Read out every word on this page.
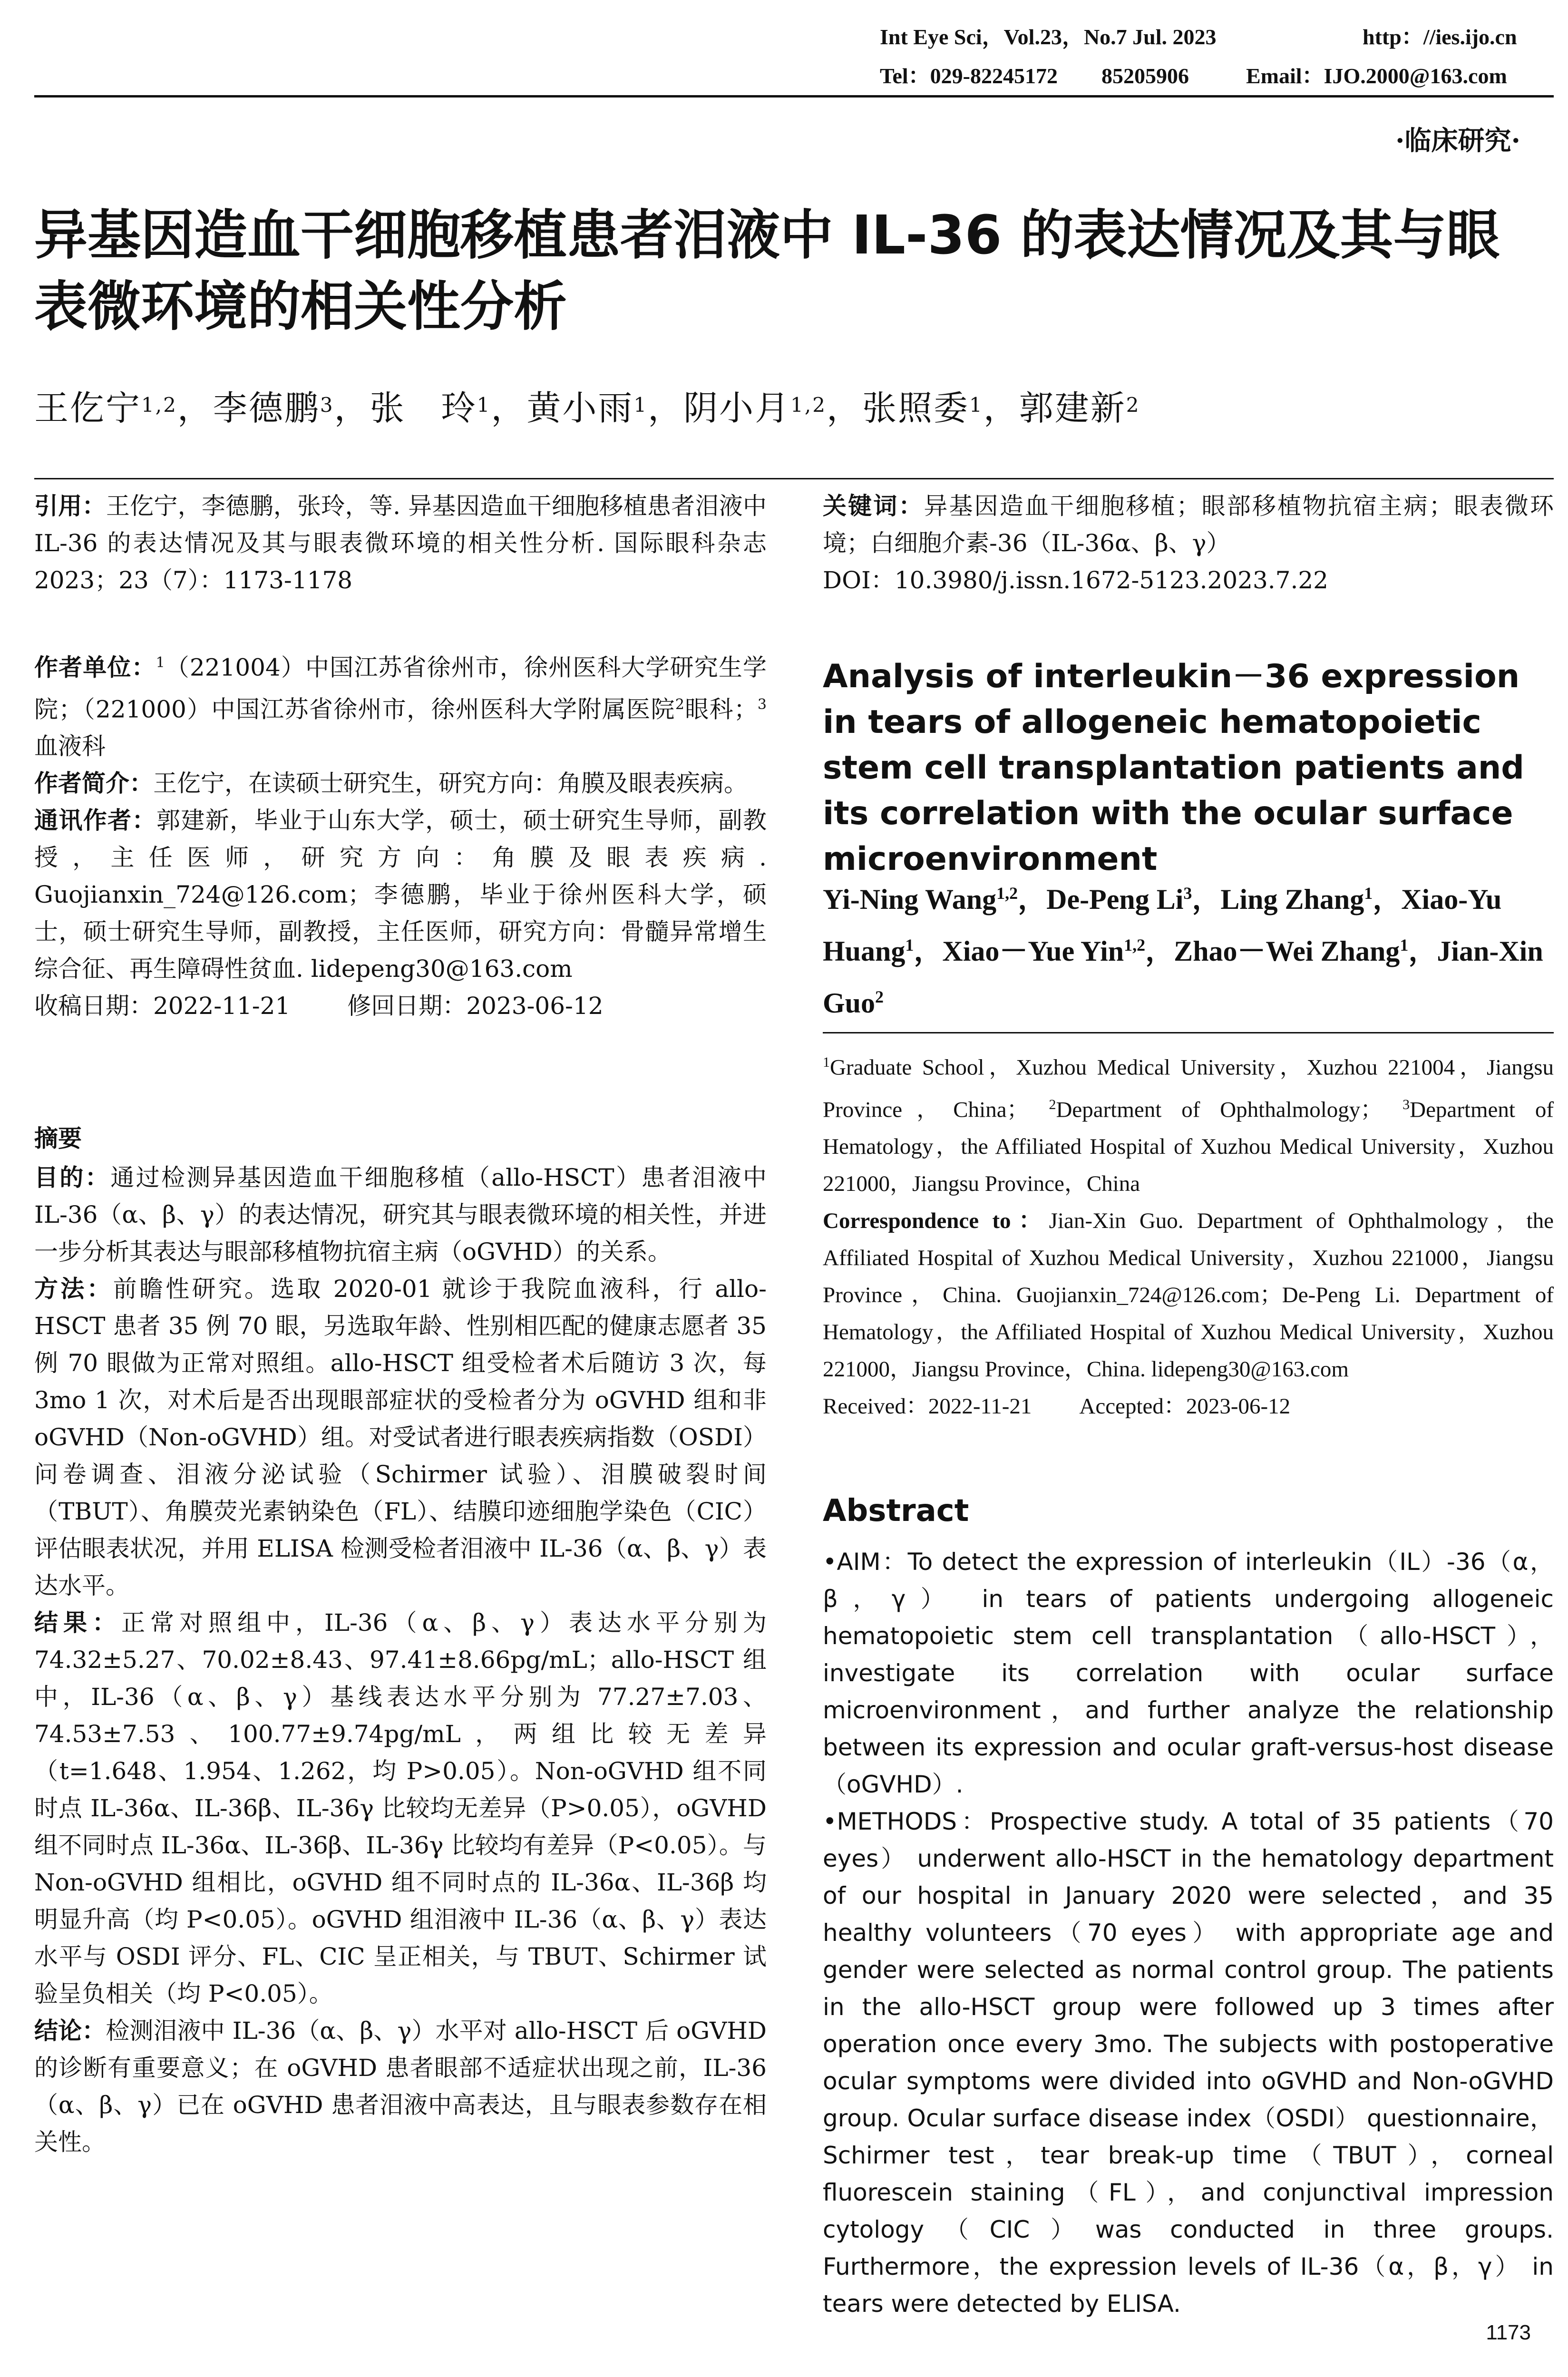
Int Eye Sci，Vol.23，No.7 Jul. 2023	http：//ies.ijo.cn
Tel：029-82245172　　85205906	Email：IJO.2000@163.com
·临床研究·
异基因造血干细胞移植患者泪液中 IL-36 的表达情况及其与眼表微环境的相关性分析
王仡宁$^{1,2}$，李德鹏$^3$，张　玲$^1$，黄小雨$^1$，阴小月$^{1,2}$，张照委$^1$，郭建新$^2$
引用：王仡宁，李德鹏，张玲，等. 异基因造血干细胞移植患者泪液中 IL-36 的表达情况及其与眼表微环境的相关性分析. 国际眼科杂志 2023；23（7）：1173-1178

作者单位：$^1$（221004）中国江苏省徐州市，徐州医科大学研究生学院；（221000）中国江苏省徐州市，徐州医科大学附属医院$^2$眼科；$^3$血液科

作者简介：王仡宁，在读硕士研究生，研究方向：角膜及眼表疾病。

通讯作者：郭建新，毕业于山东大学，硕士，硕士研究生导师，副教授，主任医师，研究方向：角膜及眼表疾病. Guojianxin_724@126.com；李德鹏，毕业于徐州医科大学，硕士，硕士研究生导师，副教授，主任医师，研究方向：骨髓异常增生综合征、再生障碍性贫血. lidepeng30@163.com

收稿日期：2022-11-21 修回日期：2023-06-12

摘要

目的：通过检测异基因造血干细胞移植（allo-HSCT）患者泪液中 IL-36（α、β、γ）的表达情况，研究其与眼表微环境的相关性，并进一步分析其表达与眼部移植物抗宿主病（oGVHD）的关系。

方法：前瞻性研究。选取 2020-01 就诊于我院血液科，行 allo-HSCT 患者 35 例 70 眼，另选取年龄、性别相匹配的健康志愿者 35 例 70 眼做为正常对照组。allo-HSCT 组受检者术后随访 3 次，每 3mo 1 次，对术后是否出现眼部症状的受检者分为 oGVHD 组和非 oGVHD（Non-oGVHD）组。对受试者进行眼表疾病指数（OSDI）问卷调查、泪液分泌试验（Schirmer 试验）、泪膜破裂时间（TBUT）、角膜荧光素钠染色（FL）、结膜印迹细胞学染色（CIC）评估眼表状况，并用 ELISA 检测受检者泪液中 IL-36（α、β、γ）表达水平。

结果：正常对照组中，IL-36（α、β、γ）表达水平分别为 74.32±5.27、70.02±8.43、97.41±8.66pg/mL；allo-HSCT 组中，IL-36（α、β、γ）基线表达水平分别为 77.27±7.03、74.53±7.53、100.77±9.74pg/mL，两组比较无差异（t=1.648、1.954、1.262，均 P>0.05）。Non-oGVHD 组不同时点 IL-36α、IL-36β、IL-36γ 比较均无差异（P>0.05），oGVHD 组不同时点 IL-36α、IL-36β、IL-36γ 比较均有差异（P<0.05）。与 Non-oGVHD 组相比，oGVHD 组不同时点的 IL-36α、IL-36β 均明显升高（均 P<0.05）。oGVHD 组泪液中 IL-36（α、β、γ）表达水平与 OSDI 评分、FL、CIC 呈正相关，与 TBUT、Schirmer 试验呈负相关（均 P<0.05）。

结论：检测泪液中 IL-36（α、β、γ）水平对 allo-HSCT 后 oGVHD 的诊断有重要意义；在 oGVHD 患者眼部不适症状出现之前，IL-36（α、β、γ）已在 oGVHD 患者泪液中高表达，且与眼表参数存在相关性。

关键词：异基因造血干细胞移植；眼部移植物抗宿主病；眼表微环境；白细胞介素-36（IL-36α、β、γ）
DOI：10.3980/j.issn.1672-5123.2023.7.22
Analysis of interleukin－36 expression in tears of allogeneic hematopoietic stem cell transplantation patients and its correlation with the ocular surface microenvironment
Yi-Ning Wang$^{1,2}$，De-Peng Li$^3$，Ling Zhang$^1$，Xiao-Yu Huang$^1$，Xiao－Yue Yin$^{1,2}$，Zhao－Wei Zhang$^1$，Jian-Xin Guo$^2$
$^1$Graduate School，Xuzhou Medical University，Xuzhou 221004，Jiangsu Province，China； $^2$Department of Ophthalmology； $^3$Department of Hematology，the Affiliated Hospital of Xuzhou Medical University，Xuzhou 221000，Jiangsu Province，China
Correspondence to：Jian-Xin Guo. Department of Ophthalmology，the Affiliated Hospital of Xuzhou Medical University，Xuzhou 221000，Jiangsu Province，China. Guojianxin_724@126.com；De-Peng Li. Department of Hematology，the Affiliated Hospital of Xuzhou Medical University，Xuzhou 221000，Jiangsu Province，China. lidepeng30@163.com
Received：2022-11-21 Accepted：2023-06-12
Abstract

•AIM：To detect the expression of interleukin（IL）-36（α，β，γ） in tears of patients undergoing allogeneic hematopoietic stem cell transplantation（allo-HSCT），investigate its correlation with ocular surface microenvironment，and further analyze the relationship between its expression and ocular graft-versus-host disease（oGVHD）.

•METHODS：Prospective study. A total of 35 patients（70 eyes） underwent allo-HSCT in the hematology department of our hospital in January 2020 were selected，and 35 healthy volunteers（70 eyes） with appropriate age and gender were selected as normal control group. The patients in the allo-HSCT group were followed up 3 times after operation once every 3mo. The subjects with postoperative ocular symptoms were divided into oGVHD and Non-oGVHD group. Ocular surface disease index（OSDI） questionnaire，Schirmer test，tear break-up time（TBUT），corneal fluorescein staining（FL），and conjunctival impression cytology（CIC）was conducted in three groups. Furthermore，the expression levels of IL-36（α，β，γ） in tears were detected by ELISA.

1173
